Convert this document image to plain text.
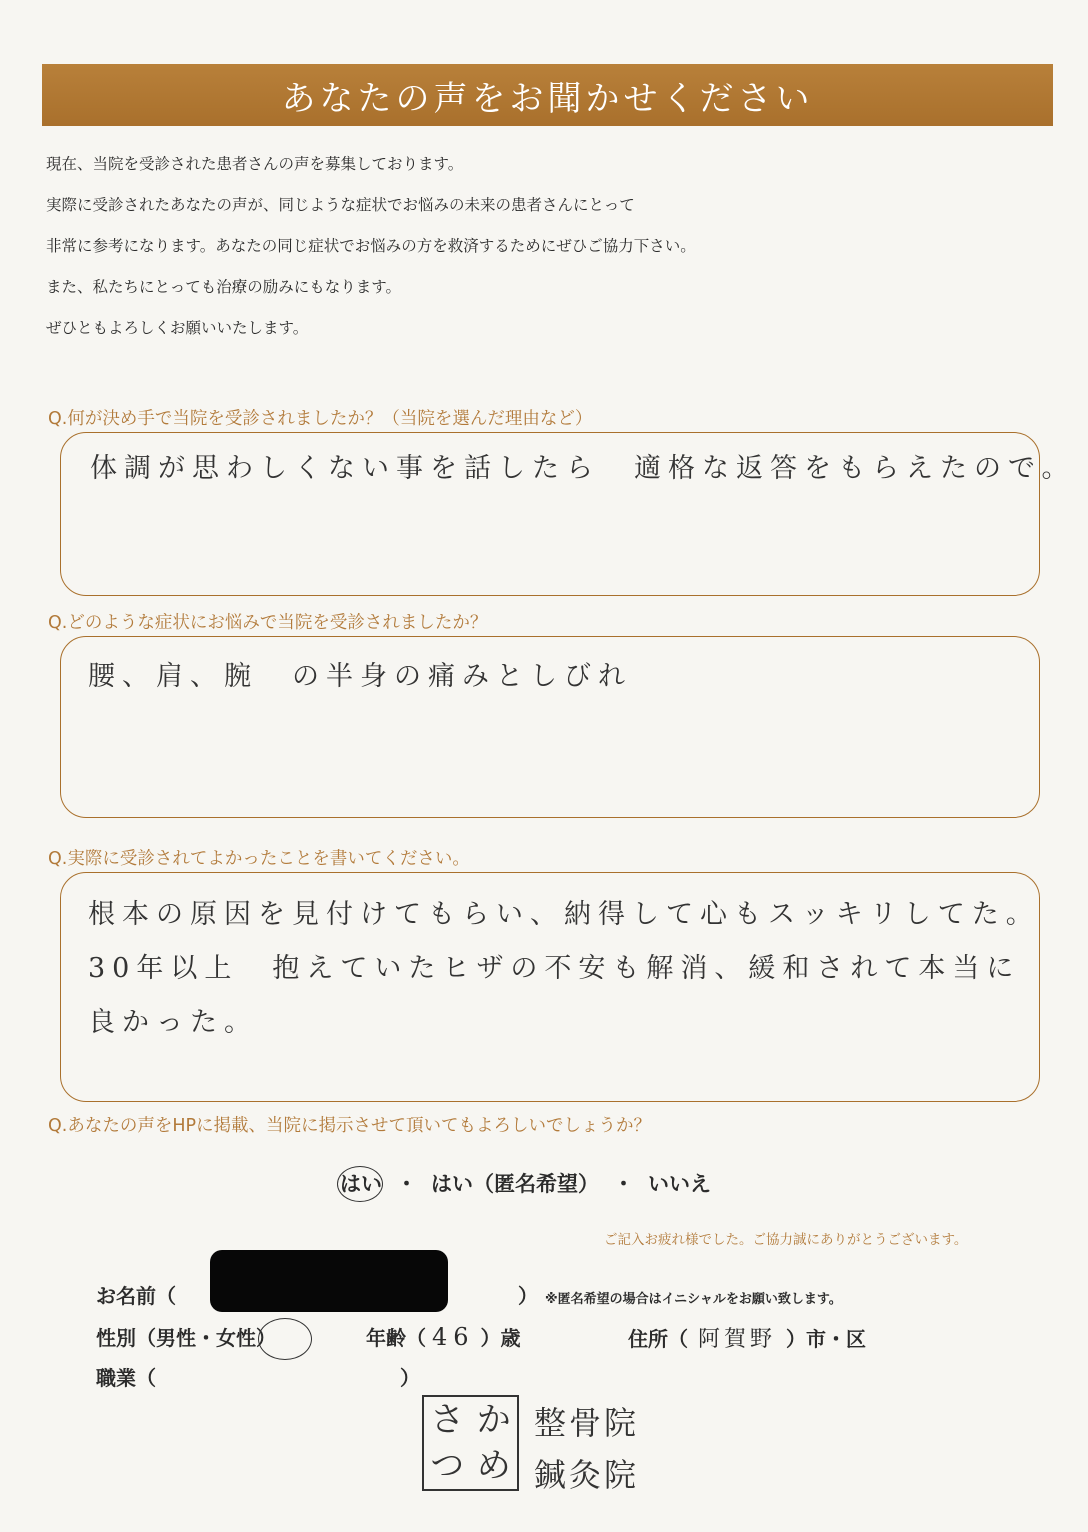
あなたの声をお聞かせください

現在、当院を受診された患者さんの声を募集しております。

実際に受診されたあなたの声が、同じような症状でお悩みの未来の患者さんにとって

非常に参考になります。あなたの同じ症状でお悩みの方を救済するためにぜひご協力下さい。

また、私たちにとっても治療の励みにもなります。

ぜひともよろしくお願いいたします。

Q.何が決め手で当院を受診されましたか？（当院を選んだ理由など）
体調が思わしくない事を話したら　適格な返答をもらえたので。
Q.どのような症状にお悩みで当院を受診されましたか？
腰、肩、腕　の半身の痛みとしびれ
Q.実際に受診されてよかったことを書いてください。
根本の原因を見付けてもらい、納得して心もスッキリしてた。
30年以上　抱えていたヒザの不安も解消、緩和されて本当に
良かった。
Q.あなたの声をHPに掲載、当院に掲示させて頂いてもよろしいでしょうか？
はい ・ はい（匿名希望） ・ いいえ
ご記入お疲れ様でした。ご協力誠にありがとうございます。
お名前（	） ※匿名希望の場合はイニシャルをお願い致します。
性別（男性・女性）	年齢（ 46 ）歳	住所（ 阿賀野 ）市・区
職業（	）
さ か
つ め
整骨院
鍼灸院
